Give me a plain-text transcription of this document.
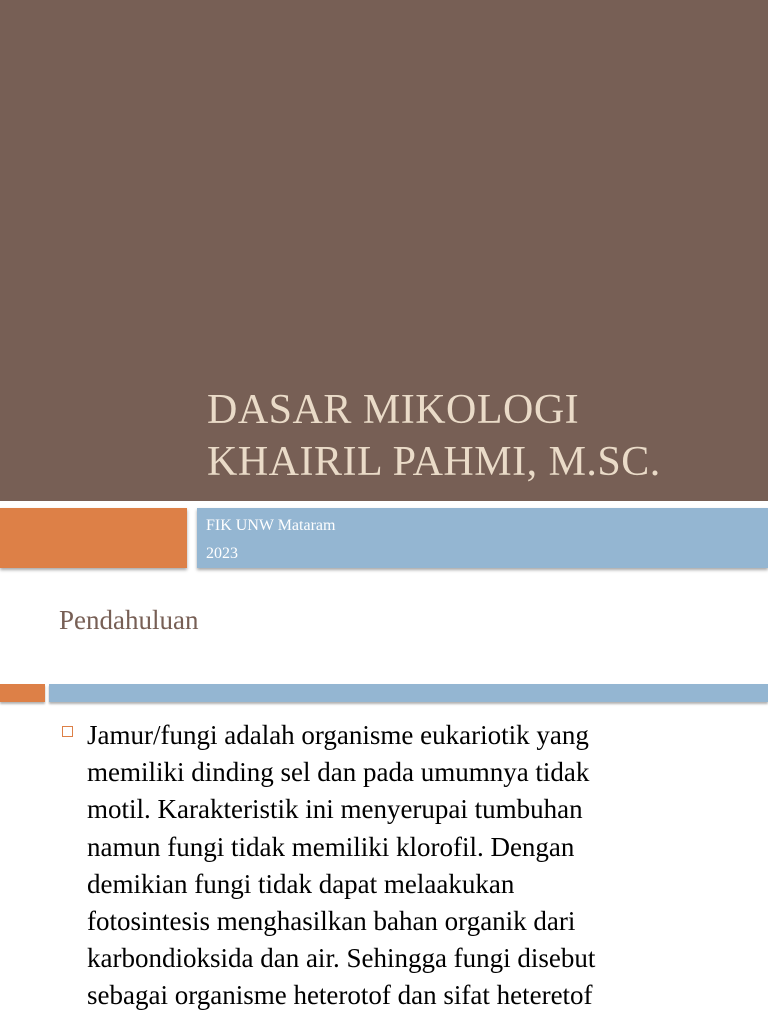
DASAR MIKOLOGI
KHAIRIL PAHMI, M.SC.
FIK UNW Mataram
2023
Pendahuluan
Jamur/fungi adalah organisme eukariotik yang
memiliki dinding sel dan pada umumnya tidak
motil. Karakteristik ini menyerupai tumbuhan
namun fungi tidak memiliki klorofil. Dengan
demikian fungi tidak dapat melaakukan
fotosintesis menghasilkan bahan organik dari
karbondioksida dan air. Sehingga fungi disebut
sebagai organisme heterotof dan sifat heteretof
